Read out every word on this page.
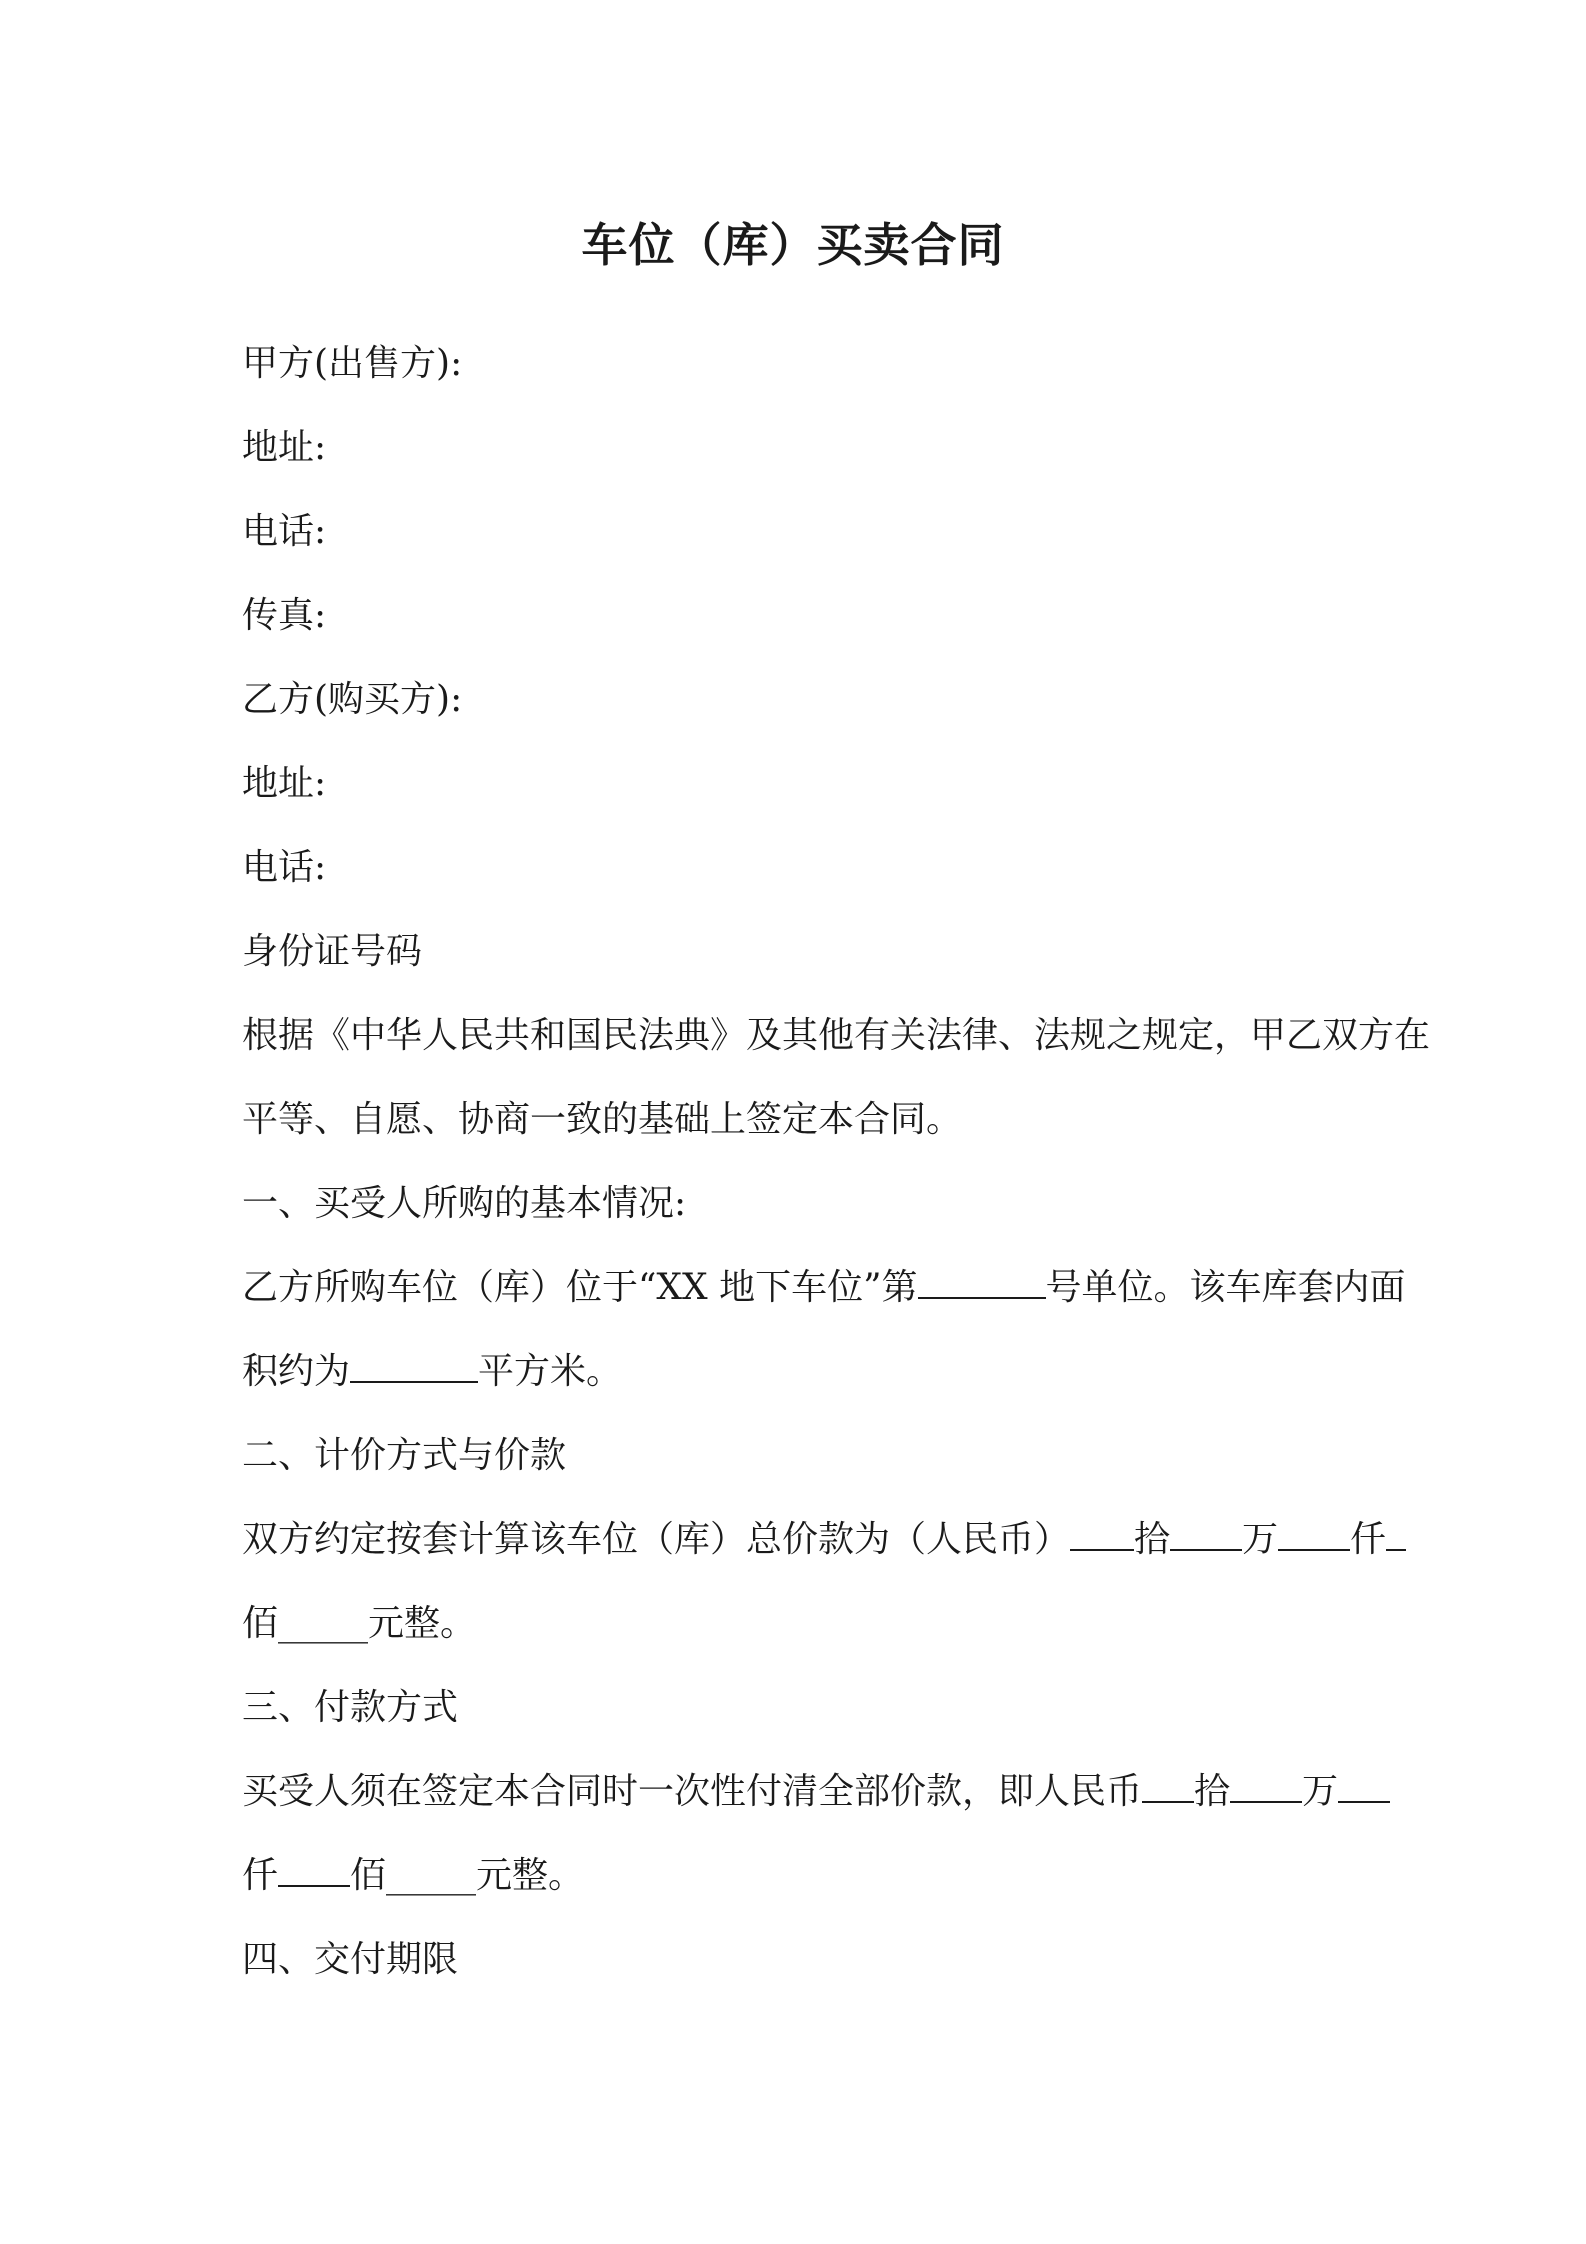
车位（库）买卖合同
甲方(出售方):
地址:
电话:
传真:
乙方(购买方):
地址:
电话:
身份证号码
根据《中华人民共和国民法典》及其他有关法律、法规之规定，甲乙双方在
平等、自愿、协商一致的基础上签定本合同。
一、买受人所购的基本情况:
乙方所购车位（库）位于“XX 地下车位”第	号单位。该车库套内面
积约为	平方米。
二、计价方式与价款
双方约定按套计算该车位（库）总价款为（人民币） 拾 万 仟
佰_____元整。
三、付款方式
买受人须在签定本合同时一次性付清全部价款，即人民币 拾 万
仟 佰_____元整。
四、交付期限
